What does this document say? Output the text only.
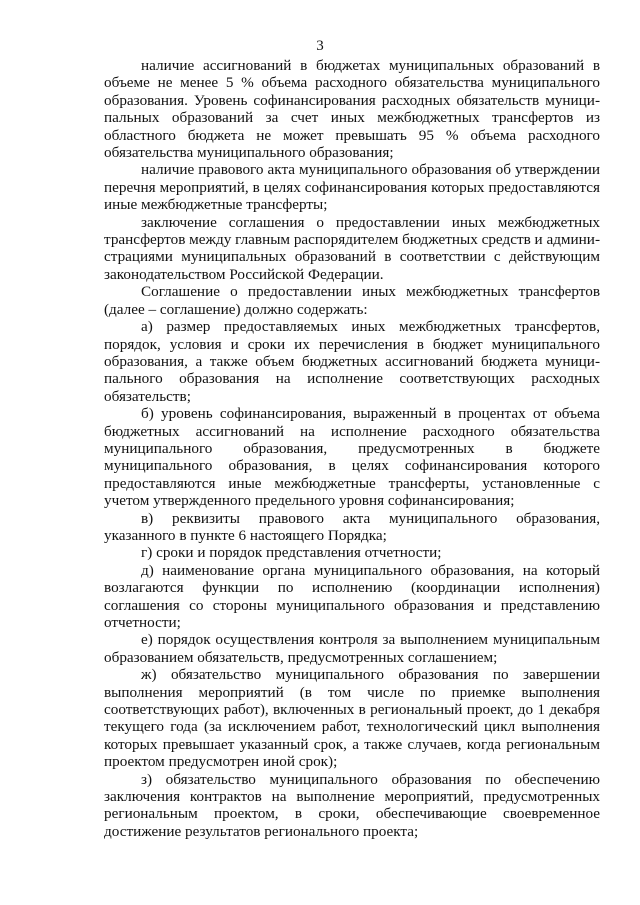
3

наличие ассигнований в бюджетах муниципальных образований в объеме не менее 5 % объема расходного обязательства муниципального образования. Уровень софинансирования расходных обязательств муниципальных образований за счет иных межбюджетных трансфертов из областного бюджета не может превышать 95 % объема расходного обязательства муниципального образования;

наличие правового акта муниципального образования об утверждении перечня мероприятий, в целях софинансирования которых предоставляются иные межбюджетные трансферты;

заключение соглашения о предоставлении иных межбюджетных трансфертов между главным распорядителем бюджетных средств и администрациями муниципальных образований в соответствии с действующим законодательством Российской Федерации.

Соглашение о предоставлении иных межбюджетных трансфертов (далее – соглашение) должно содержать:

а) размер предоставляемых иных межбюджетных трансфертов, порядок, условия и сроки их перечисления в бюджет муниципального образования, а также объем бюджетных ассигнований бюджета муниципального образования на исполнение соответствующих расходных обязательств;

б) уровень софинансирования, выраженный в процентах от объема бюджетных ассигнований на исполнение расходного обязательства муниципального образования, предусмотренных в бюджете муниципального образования, в целях софинансирования которого предоставляются иные межбюджетные трансферты, установленные с учетом утвержденного предельного уровня софинансирования;

в) реквизиты правового акта муниципального образования, указанного в пункте 6 настоящего Порядка;

г) сроки и порядок представления отчетности;

д) наименование органа муниципального образования, на который возлагаются функции по исполнению (координации исполнения) соглашения со стороны муниципального образования и представлению отчетности;

е) порядок осуществления контроля за выполнением муниципальным образованием обязательств, предусмотренных соглашением;

ж) обязательство муниципального образования по завершении выполнения мероприятий (в том числе по приемке выполнения соответствующих работ), включенных в региональный проект, до 1 декабря текущего года (за исключением работ, технологический цикл выполнения которых превышает указанный срок, а также случаев, когда региональным проектом предусмотрен иной срок);

з) обязательство муниципального образования по обеспечению заключения контрактов на выполнение мероприятий, предусмотренных региональным проектом, в сроки, обеспечивающие своевременное достижение результатов регионального проекта;
